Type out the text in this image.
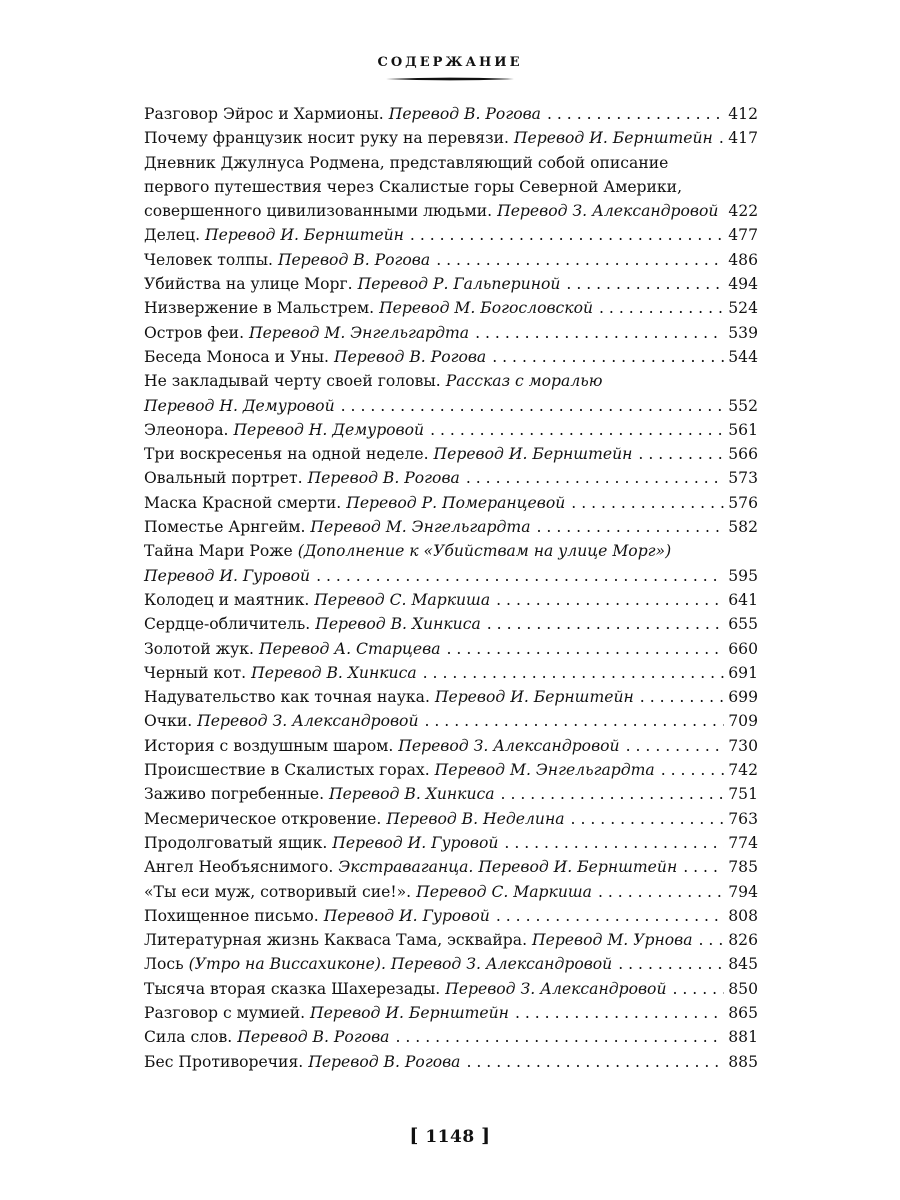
СОДЕРЖАНИЕ
Разговор Эйрос и Хармионы. Перевод В. Рогова . . .	412
Почему французик носит руку на перевязи. Перевод И. Бернштейн . . . 417
Дневник Джулнуса Родмена, представляющий собой описание
первого путешествия через Скалистые горы Северной Америки,
совершенного цивилизованными людьми. Перевод З. Александровой 422
Делец. Перевод И. Бернштейн . . .	477
Человек толпы. Перевод В. Рогова . . .	486
Убийства на улице Морг. Перевод Р. Гальпериной . . .	494
Низвержение в Мальстрем. Перевод М. Богословской . . .	524
Остров феи. Перевод М. Энгельгардта . . .	539
Беседа Моноса и Уны. Перевод В. Рогова . . .	544
Не закладывай черту своей головы. Рассказ с моралью
Перевод Н. Демуровой . . .	552
Элеонора. Перевод Н. Демуровой . . .	561
Три воскресенья на одной неделе. Перевод И. Бернштейн . . .	566
Овальный портрет. Перевод В. Рогова . . .	573
Маска Красной смерти. Перевод Р. Померанцевой . . .	576
Поместье Арнгейм. Перевод М. Энгельгардта . . .	582
Тайна Мари Роже (Дополнение к «Убийствам на улице Морг»)
Перевод И. Гуровой . . .	595
Колодец и маятник. Перевод С. Маркиша . . .	641
Сердце-обличитель. Перевод В. Хинкиса . . .	655
Золотой жук. Перевод А. Старцева . . .	660
Черный кот. Перевод В. Хинкиса . . .	691
Надувательство как точная наука. Перевод И. Бернштейн . . .	699
Очки. Перевод З. Александровой . . .	709
История с воздушным шаром. Перевод З. Александровой . . .	730
Происшествие в Скалистых горах. Перевод М. Энгельгардта . . .	742
Заживо погребенные. Перевод В. Хинкиса . . .	751
Месмерическое откровение. Перевод В. Неделина . . .	763
Продолговатый ящик. Перевод И. Гуровой . . .	774
Ангел Необъяснимого. Экстраваганца. Перевод И. Бернштейн . . .	785
«Ты еси муж, сотворивый сие!». Перевод С. Маркиша . . .	794
Похищенное письмо. Перевод И. Гуровой . . .	808
Литературная жизнь Какваса Тама, эсквайра. Перевод М. Урнова . . . 826
Лось (Утро на Виссахиконе). Перевод З. Александровой . . .	845
Тысяча вторая сказка Шахерезады. Перевод З. Александровой . . .	850
Разговор с мумией. Перевод И. Бернштейн . . .	865
Сила слов. Перевод В. Рогова . . .	881
Бес Противоречия. Перевод В. Рогова . . .	885
[ 1148 ]
